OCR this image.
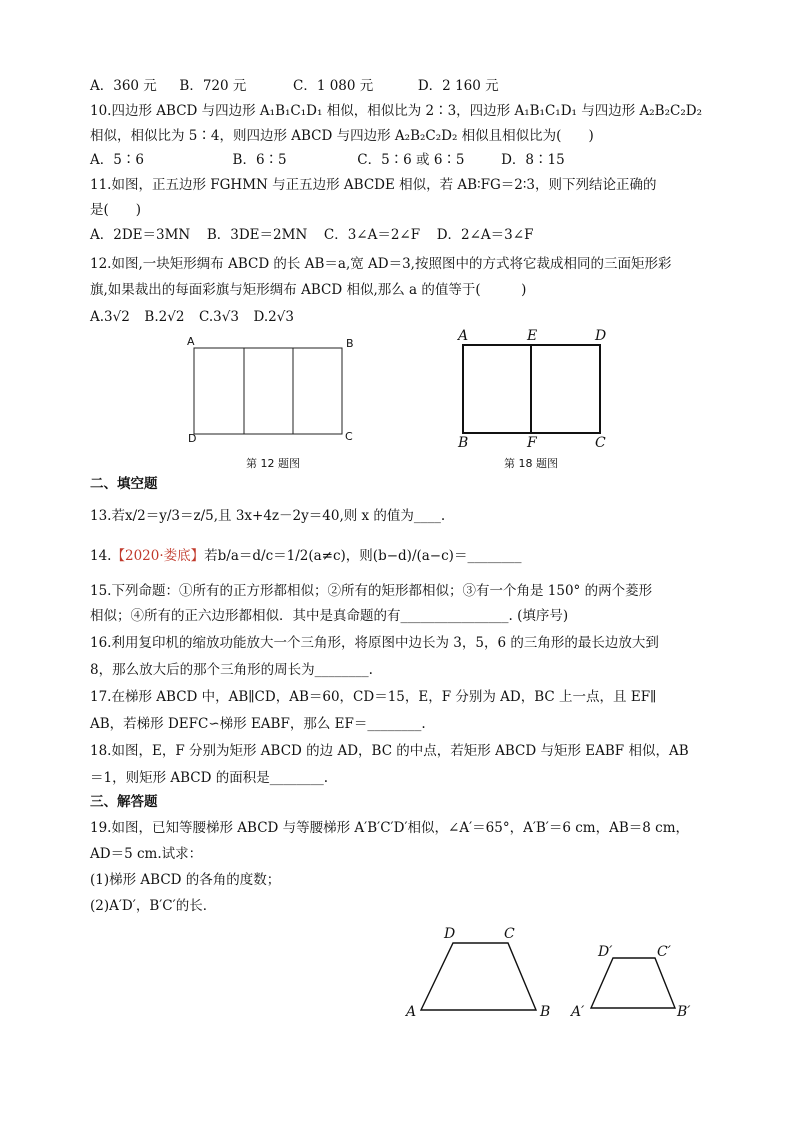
A．360 元 B．720 元	C．1 080 元	D．2 160 元
10.四边形 ABCD 与四边形 A₁B₁C₁D₁ 相似，相似比为 2∶3，四边形 A₁B₁C₁D₁ 与四边形 A₂B₂C₂D₂
相似，相似比为 5∶4，则四边形 ABCD 与四边形 A₂B₂C₂D₂ 相似且相似比为(　　)
A．5∶6	B．6∶5	C．5∶6 或 6∶5	D．8∶15
11.如图，正五边形 FGHMN 与正五边形 ABCDE 相似，若 AB∶FG＝2∶3，则下列结论正确的
是(　　)
A．2DE＝3MN B．3DE＝2MN C．3∠A＝2∠F D．2∠A＝3∠F
12.如图,一块矩形绸布 ABCD 的长 AB＝a,宽 AD＝3,按照图中的方式将它裁成相同的三面矩形彩
旗,如果裁出的每面彩旗与矩形绸布 ABCD 相似,那么 a 的值等于(　　　)
A.3√2 B.2√2 C.3√3 D.2√3
A	B
D	C
A	E	D
B	F	C
A	B
C
D
A′	B′
C′
D′
第 12 题图	第 18 题图
二、填空题
13.若x/2＝y/3＝z/5,且 3x+4z－2y＝40,则 x 的值为____.
14.【2020·娄底】若b/a＝d/c＝1/2(a≠c)，则(b−d)/(a−c)＝________
15.下列命题：①所有的正方形都相似；②所有的矩形都相似；③有一个角是 150° 的两个菱形
相似；④所有的正六边形都相似．其中是真命题的有________________. (填序号)
16.利用复印机的缩放功能放大一个三角形，将原图中边长为 3，5，6 的三角形的最长边放大到
8，那么放大后的那个三角形的周长为________.
17.在梯形 ABCD 中，AB∥CD，AB＝60，CD＝15，E，F 分别为 AD，BC 上一点，且 EF∥
AB，若梯形 DEFC∽梯形 EABF，那么 EF＝________.
18.如图，E，F 分别为矩形 ABCD 的边 AD，BC 的中点，若矩形 ABCD 与矩形 EABF 相似，AB
＝1，则矩形 ABCD 的面积是________.
三、解答题
19.如图，已知等腰梯形 ABCD 与等腰梯形 A′B′C′D′相似，∠A′＝65°，A′B′＝6 cm，AB＝8 cm，
AD＝5 cm.试求：
(1)梯形 ABCD 的各角的度数；
(2)A′D′，B′C′的长．
